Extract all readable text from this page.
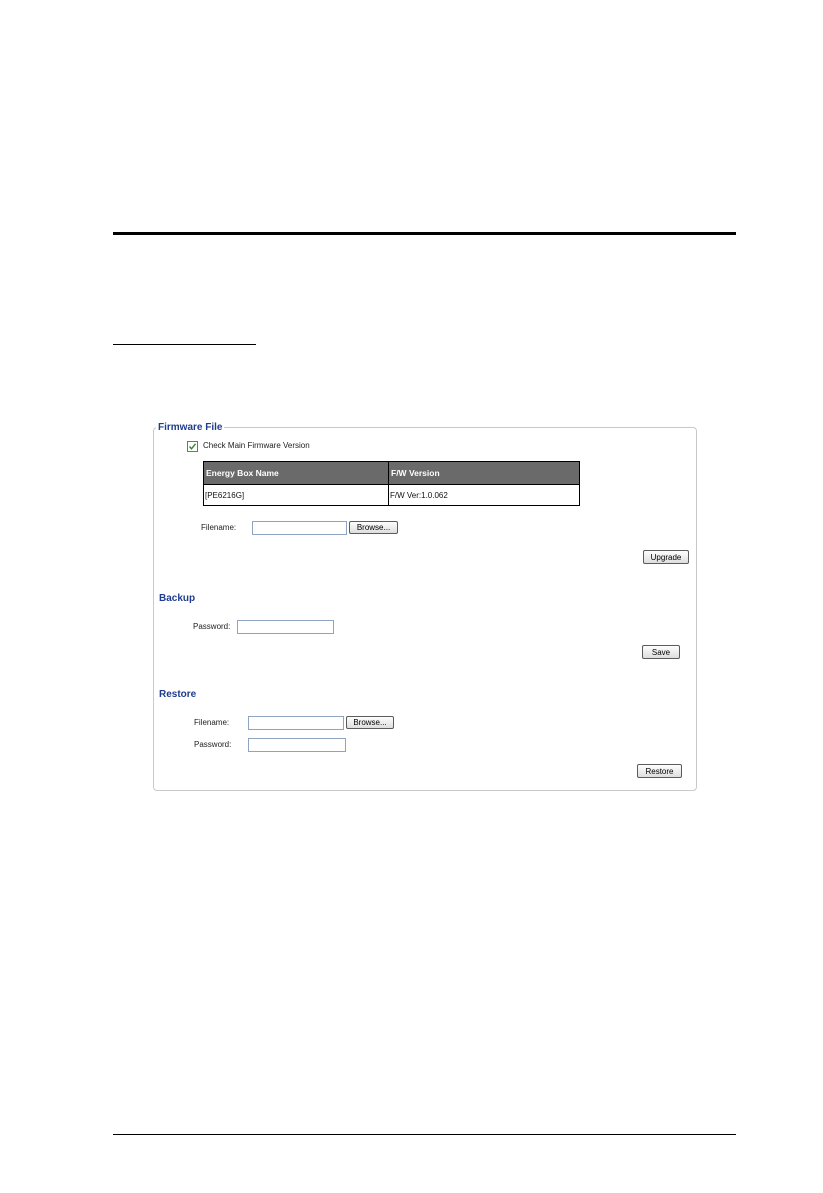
Firmware File
Check Main Firmware Version
Energy Box Name	F/W Version
[PE6216G]	F/W Ver:1.0.062
Filename:	Browse...
Upgrade
Backup
Password:
Save
Restore
Filename:	Browse...
Password:
Restore
